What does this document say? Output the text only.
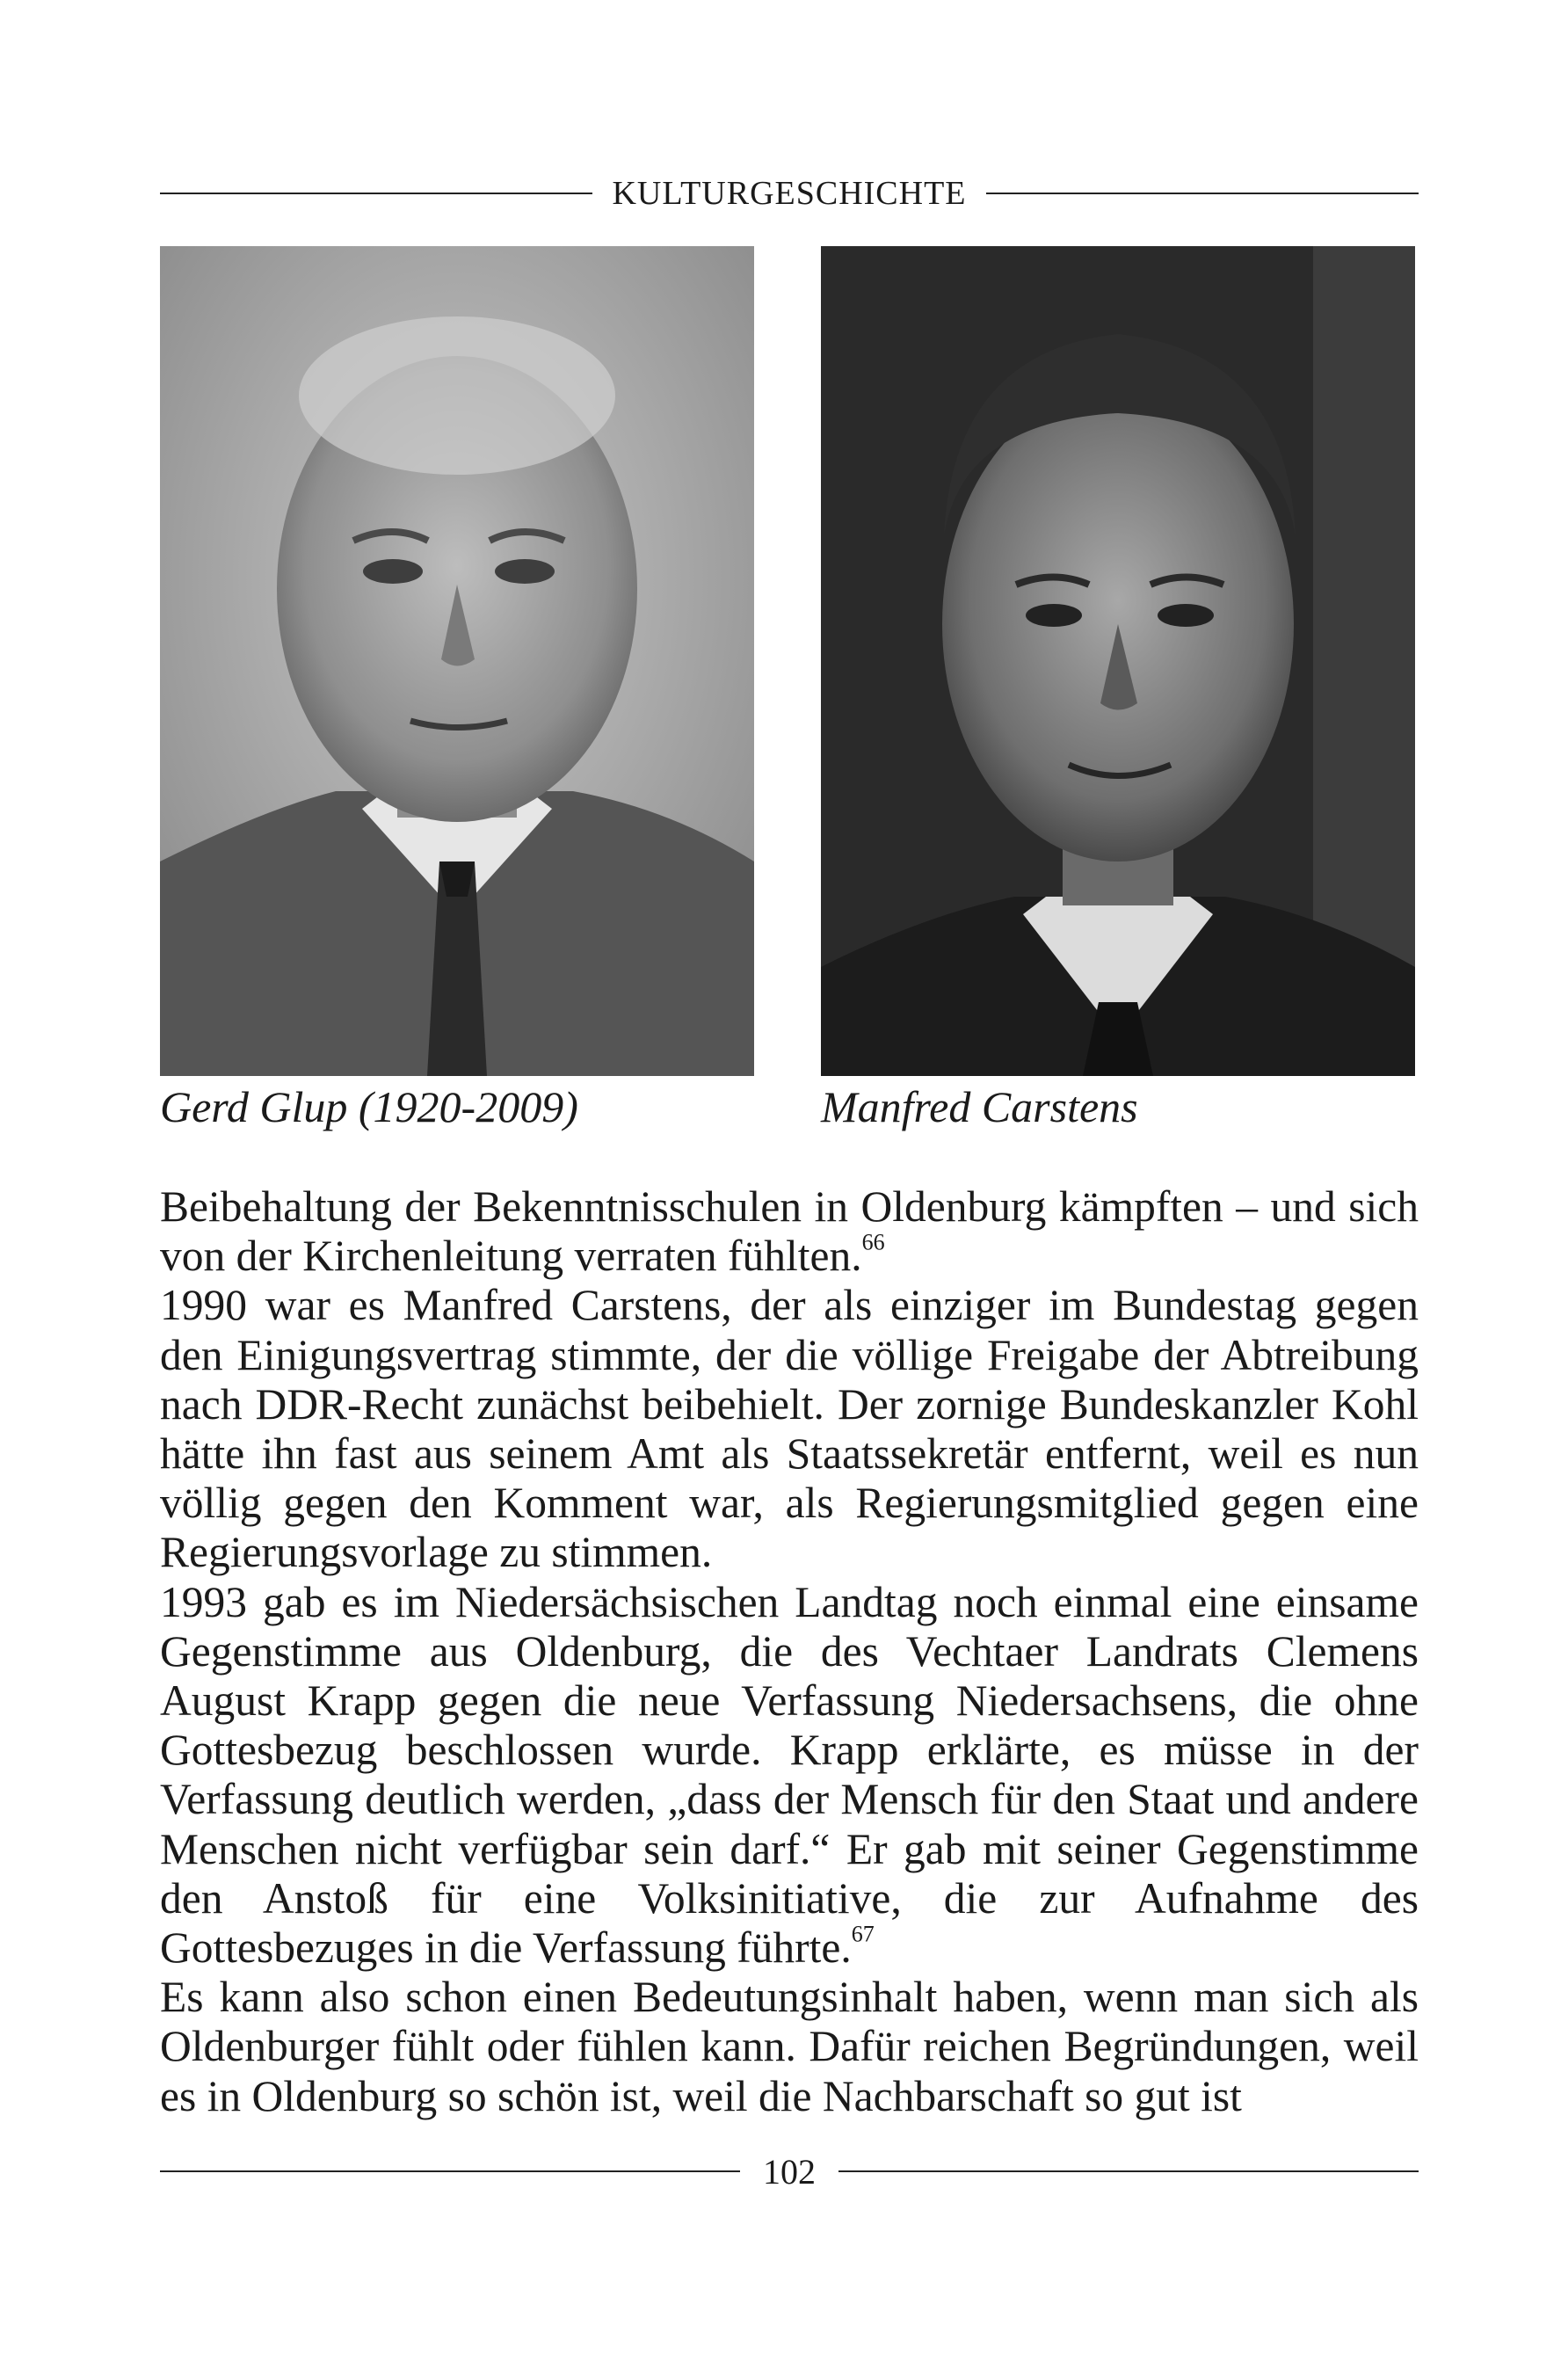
KULTURGESCHICHTE
Gerd Glup (1920-2009)	Manfred Carstens

Beibehaltung der Bekenntnisschulen in Oldenburg kämpften – und sich von der Kirchenleitung verraten fühlten.$^{66}$

1990 war es Manfred Carstens, der als einziger im Bundestag gegen den Einigungsvertrag stimmte, der die völlige Freigabe der Abtreibung nach DDR-Recht zunächst beibehielt. Der zornige Bundeskanzler Kohl hätte ihn fast aus seinem Amt als Staatssekretär entfernt, weil es nun völlig gegen den Komment war, als Regierungsmitglied gegen eine Regierungsvorlage zu stimmen.

1993 gab es im Niedersächsischen Landtag noch einmal eine einsame Gegenstimme aus Oldenburg, die des Vechtaer Landrats Clemens August Krapp gegen die neue Verfassung Niedersachsens, die ohne Gottesbezug beschlossen wurde. Krapp erklärte, es müsse in der Verfassung deutlich werden, „dass der Mensch für den Staat und andere Menschen nicht verfügbar sein darf.“ Er gab mit seiner Gegenstimme den Anstoß für eine Volksinitiative, die zur Aufnahme des Gottesbezuges in die Verfassung führte.$^{67}$

Es kann also schon einen Bedeutungsinhalt haben, wenn man sich als Oldenburger fühlt oder fühlen kann. Dafür reichen Begründungen, weil es in Oldenburg so schön ist, weil die Nachbarschaft so gut ist

102
